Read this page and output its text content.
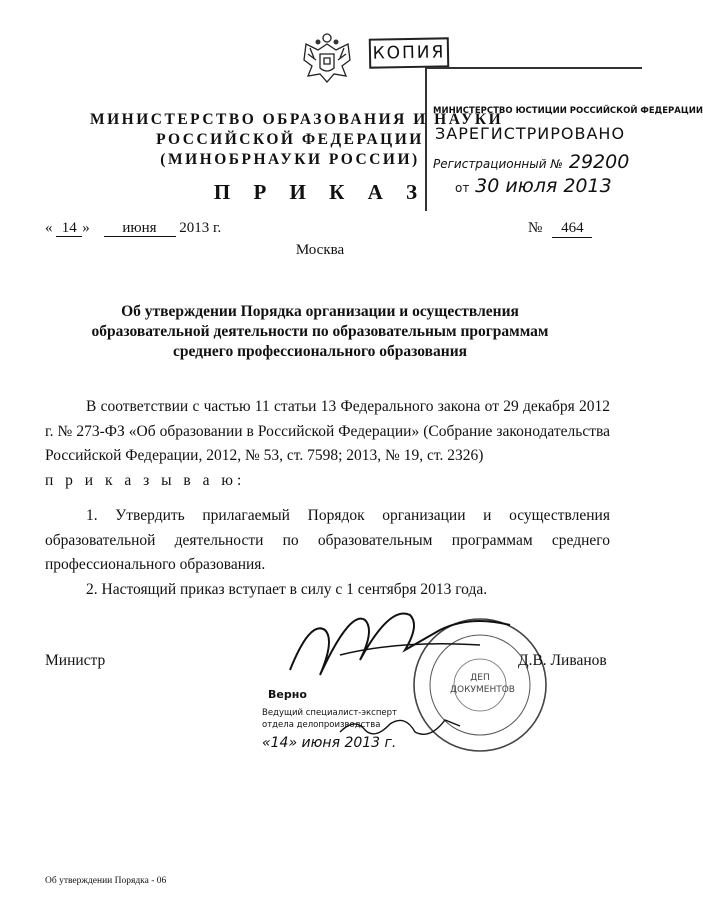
КОПИЯ
МИНИСТЕРСТВО ОБРАЗОВАНИЯ И НАУКИ
РОССИЙСКОЙ ФЕДЕРАЦИИ
(МИНОБРНАУКИ РОССИИ)
МИНИСТЕРСТВО ЮСТИЦИИ РОССИЙСКОЙ ФЕДЕРАЦИИ
ЗАРЕГИСТРИРОВАНО
Регистрационный № 29200
от 30 июля 2013
П Р И К А З
« 14 » июня 2013 г.	№ 464
Москва
Об утверждении Порядка организации и осуществления
образовательной деятельности по образовательным программам
среднего профессионального образования
В соответствии с частью 11 статьи 13 Федерального закона от 29 декабря 2012 г. № 273-ФЗ «Об образовании в Российской Федерации» (Собрание законодательства Российской Федерации, 2012, № 53, ст. 7598; 2013, № 19, ст. 2326)
п р и к а з ы в а ю:
1. Утвердить прилагаемый Порядок организации и осуществления образовательной деятельности по образовательным программам среднего профессионального образования.
2. Настоящий приказ вступает в силу с 1 сентября 2013 года.
ДЕП ДОКУМЕНТОВ
Министр	Д.В. Ливанов
Верно
Ведущий специалист-эксперт
отдела делопроизводства
«14» июня 2013 г.
Об утверждении Порядка - 06
